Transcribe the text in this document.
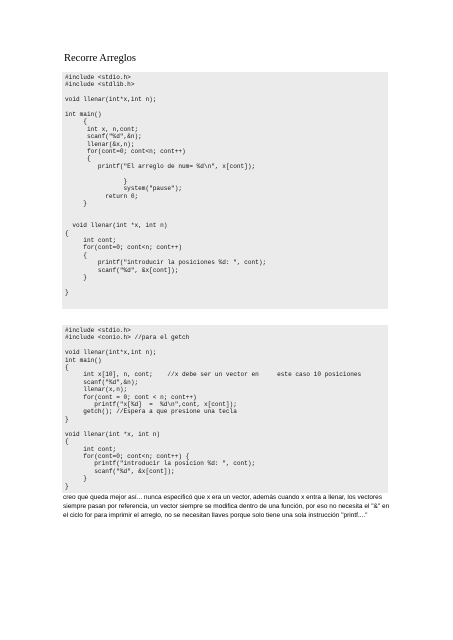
Recorre Arreglos
#include <stdio.h>
#include <stdlib.h>

void llenar(int*x,int n);

int main()
{
int x, n,cont;
scanf("%d",&n);
llenar(&x,n);
for(cont=0; cont<n; cont++)
{
printf("El arreglo de num= %d\n", x[cont]);

}
system("pause");
return 0;
}

void llenar(int *x, int n)
{
int cont;
for(cont=0; cont<n; cont++)
{
printf("introducir la posiciones %d: ", cont);
scanf("%d", &x[cont]);
}

}
#include <stdio.h>
#include <conio.h> //para el getch

void llenar(int*x,int n);
int main()
{
int x[10], n, cont;    //x debe ser un vector en     este caso 10 posiciones
scanf("%d",&n);
llenar(x,n);
for(cont = 0; cont < n; cont++)
printf("x[%d]  =  %d\n",cont, x[cont]);
getch(); //Espera a que presione una tecla
}

void llenar(int *x, int n)
{
int cont;
for(cont=0; cont<n; cont++) {
printf("introducir la posicion %d: ", cont);
scanf("%d", &x[cont]);
}
}
creo que queda mejor así... nunca especificó que x era un vector, además cuando x entra a llenar, los vectores siempre pasan por referencia, un vector siempre se modifica dentro de una función, por eso no necesita el "&" en el ciclo for para imprimir el arreglo, no se necesitan llaves porque solo tiene una sola instrucción "printf...."
